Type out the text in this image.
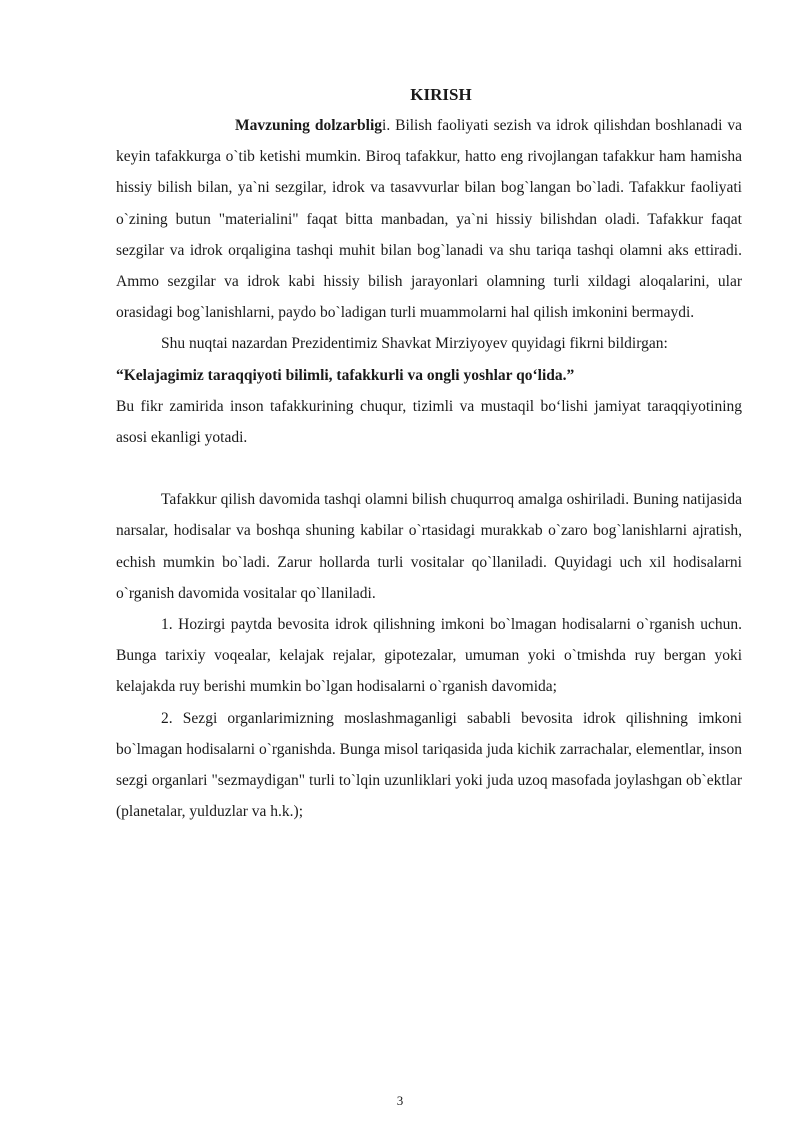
KIRISH

Mavzuning dolzarbligi. Bilish faoliyati sezish va idrok qilishdan boshlanadi va keyin tafakkurga o`tib ketishi mumkin. Biroq tafakkur, hatto eng rivojlangan tafakkur ham hamisha hissiy bilish bilan, ya`ni sezgilar, idrok va tasavvurlar bilan bog`langan bo`ladi. Tafakkur faoliyati o`zining butun "materialini" faqat bitta manbadan, ya`ni hissiy bilishdan oladi. Tafakkur faqat sezgilar va idrok orqaligina tashqi muhit bilan bog`lanadi va shu tariqa tashqi olamni aks ettiradi. Ammo sezgilar va idrok kabi hissiy bilish jarayonlari olamning turli xildagi aloqalarini, ular orasidagi bog`lanishlarni, paydo bo`ladigan turli muammolarni hal qilish imkonini bermaydi.

Shu nuqtai nazardan Prezidentimiz Shavkat Mirziyoyev quyidagi fikrni bildirgan:

“Kelajagimiz taraqqiyoti bilimli, tafakkurli va ongli yoshlar qo‘lida.”

Bu fikr zamirida inson tafakkurining chuqur, tizimli va mustaqil bo‘lishi jamiyat taraqqiyotining asosi ekanligi yotadi.

Tafakkur qilish davomida tashqi olamni bilish chuqurroq amalga oshiriladi. Buning natijasida narsalar, hodisalar va boshqa shuning kabilar o`rtasidagi murakkab o`zaro bog`lanishlarni ajratish, echish mumkin bo`ladi. Zarur hollarda turli vositalar qo`llaniladi. Quyidagi uch xil hodisalarni o`rganish davomida vositalar qo`llaniladi.

1. Hozirgi paytda bevosita idrok qilishning imkoni bo`lmagan hodisalarni o`rganish uchun. Bunga tarixiy voqealar, kelajak rejalar, gipotezalar, umuman yoki o`tmishda ruy bergan yoki kelajakda ruy berishi mumkin bo`lgan hodisalarni o`rganish davomida;

2. Sezgi organlarimizning moslashmaganligi sababli bevosita idrok qilishning imkoni bo`lmagan hodisalarni o`rganishda. Bunga misol tariqasida juda kichik zarrachalar, elementlar, inson sezgi organlari "sezmaydigan" turli to`lqin uzunliklari yoki juda uzoq masofada joylashgan ob`ektlar (planetalar, yulduzlar va h.k.);

3
